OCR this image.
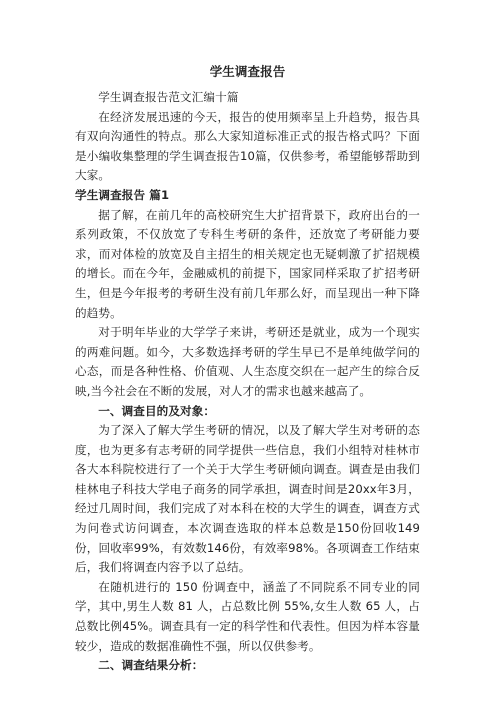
学生调查报告

学生调查报告范文汇编十篇

在经济发展迅速的今天，报告的使用频率呈上升趋势，报告具有双向沟通性的特点。那么大家知道标准正式的报告格式吗？下面是小编收集整理的学生调查报告10篇，仅供参考，希望能够帮助到大家。

学生调查报告 篇1

据了解，在前几年的高校研究生大扩招背景下，政府出台的一系列政策，不仅放宽了专科生考研的条件，还放宽了考研能力要求，而对体检的放宽及自主招生的相关规定也无疑刺激了扩招规模的增长。而在今年，金融威机的前提下，国家同样采取了扩招考研生，但是今年报考的考研生没有前几年那么好，而呈现出一种下降的趋势。

对于明年毕业的大学学子来讲，考研还是就业，成为一个现实的两难问题。如今，大多数选择考研的学生早已不是单纯做学问的心态，而是各种性格、价值观、人生态度交织在一起产生的综合反映,当今社会在不断的发展，对人才的需求也越来越高了。

一、调查目的及对象：

为了深入了解大学生考研的情况，以及了解大学生对考研的态度，也为更多有志考研的同学提供一些信息，我们小组特对桂林市各大本科院校进行了一个关于大学生考研倾向调查。调查是由我们桂林电子科技大学电子商务的同学承担，调查时间是20xx年3月，经过几周时间，我们完成了对本科在校的大学生的调查，调查方式为问卷式访问调查，本次调查选取的样本总数是150份回收149份，回收率99%，有效数146份，有效率98%。各项调查工作结束后，我们将调查内容予以了总结。

在随机进行的 150 份调查中，涵盖了不同院系不同专业的同学，其中,男生人数 81 人，占总数比例 55%,女生人数 65 人，占总数比例45%。调查具有一定的科学性和代表性。但因为样本容量较少，造成的数据准确性不强，所以仅供参考。

二、调查结果分析：
